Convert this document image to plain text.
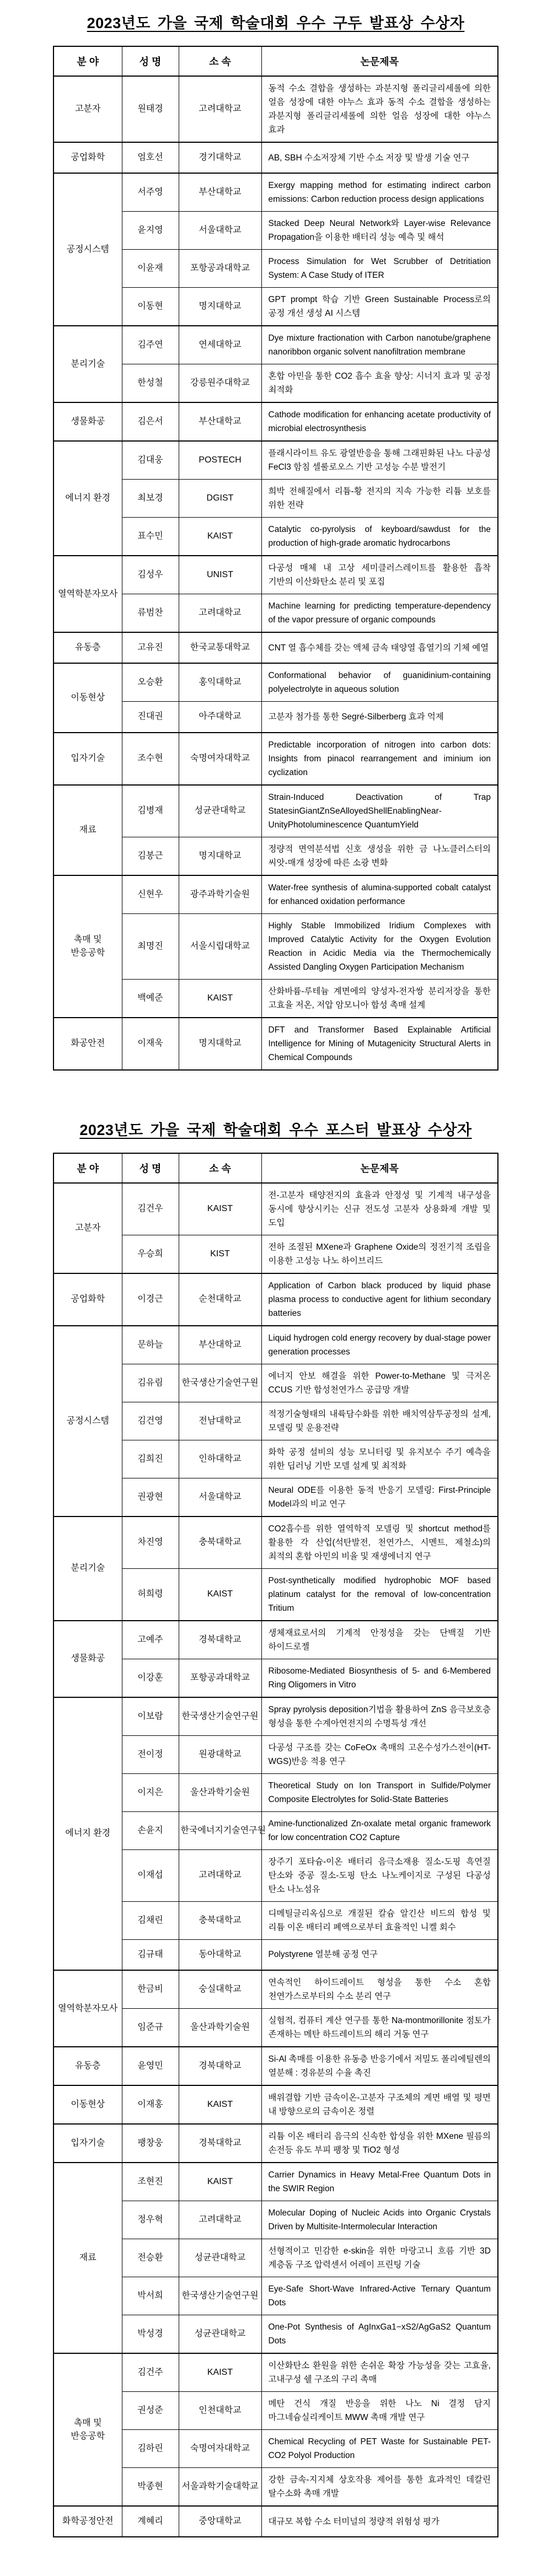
2023년도 가을 국제 학술대회 우수 구두 발표상 수상자
분 야	성 명	소 속	논문제목
고분자	원태경	고려대학교	동적 수소 결합을 생성하는 과분지형 폴리글리세롤에 의한 얼음 성장에 대한 야누스 효과 동적 수소 결합을 생성하는 과분지형 폴리글리세롤에 의한 얼음 성장에 대한 야누스 효과
공업화학	엄호선	경기대학교	AB, SBH 수소저장체 기반 수소 저장 및 발생 기술 연구
공정시스템	서주영	부산대학교	Exergy mapping method for estimating indirect carbon emissions: Carbon reduction process design applications
	윤지영	서울대학교	Stacked Deep Neural Network와 Layer-wise Relevance Propagation을 이용한 배터리 성능 예측 및 해석
	이윤재	포항공과대학교	Process Simulation for Wet Scrubber of Detritiation System: A Case Study of ITER
	이동현	명지대학교	GPT prompt 학습 기반 Green Sustainable Process로의 공정 개선 생성 AI 시스템
분리기술	김주연	연세대학교	Dye mixture fractionation with Carbon nanotube/graphene nanoribbon organic solvent nanofiltration membrane
	한성철	강릉원주대학교	혼합 아민을 통한 CO2 흡수 효율 향상: 시너지 효과 및 공정 최적화
생물화공	김은서	부산대학교	Cathode modification for enhancing acetate productivity of microbial electrosynthesis
에너지 환경	김대웅	POSTECH	플래시라이트 유도 광열반응을 통해 그래핀화된 나노 다공성 FeCl3 함침 셀룰로오스 기반 고성능 수분 발전기
	최보경	DGIST	희박 전해질에서 리튬-황 전지의 지속 가능한 리튬 보호를 위한 전략
	표수민	KAIST	Catalytic co-pyrolysis of keyboard/sawdust for the production of high-grade aromatic hydrocarbons
열역학분자모사	김성우	UNIST	다공성 매체 내 고상 세미클러스레이트를 활용한 흡착 기반의 이산화탄소 분리 및 포집
	류범찬	고려대학교	Machine learning for predicting temperature-dependency of the vapor pressure of organic compounds
유동층	고유진	한국교통대학교	CNT 열 흡수체를 갖는 액체 금속 태양열 흡열기의 기체 예열
이동현상	오승환	홍익대학교	Conformational behavior of guanidinium-containing polyelectrolyte in aqueous solution
	진대권	아주대학교	고분자 첨가를 통한 Segré-Silberberg 효과 억제
입자기술	조수현	숙명여자대학교	Predictable incorporation of nitrogen into carbon dots: Insights from pinacol rearrangement and iminium ion cyclization
재료	김병재	성균관대학교	Strain-Induced Deactivation of Trap StatesinGiantZnSeAlloyedShellEnablingNear-UnityPhotoluminescence QuantumYield
	김봉근	명지대학교	정량적 면역분석법 신호 생성을 위한 금 나노클러스터의 씨앗-매개 성장에 따른 소광 변화
촉매 및 반응공학	신현우	광주과학기술원	Water-free synthesis of alumina-supported cobalt catalyst for enhanced oxidation performance
	최명진	서울시립대학교	Highly Stable Immobilized Iridium Complexes with Improved Catalytic Activity for the Oxygen Evolution Reaction in Acidic Media via the Thermochemically Assisted Dangling Oxygen Participation Mechanism
	백예준	KAIST	산화바륨-루테늄 계면에의 양성자-전자쌍 분리저장을 통한 고효율 저온, 저압 암모니아 합성 촉매 설계
화공안전	이재욱	명지대학교	DFT and Transformer Based Explainable Artificial Intelligence for Mining of Mutagenicity Structural Alerts in Chemical Compounds
2023년도 가을 국제 학술대회 우수 포스터 발표상 수상자
분 야	성 명	소 속	논문제목
고분자	김건우	KAIST	전-고분자 태양전지의 효율과 안정성 및 기계적 내구성을 동시에 향상시키는 신규 전도성 고분자 상용화제 개발 및 도입
	우승희	KIST	전하 조절된 MXene과 Graphene Oxide의 정전기적 조립을 이용한 고성능 나노 하이브리드
공업화학	이경근	순천대학교	Application of Carbon black produced by liquid phase plasma process to conductive agent for lithium secondary batteries
공정시스템	문하늘	부산대학교	Liquid hydrogen cold energy recovery by dual-stage power generation processes
	김유림	한국생산기술연구원	에너지 안보 해결을 위한 Power-to-Methane 및 극저온 CCUS 기반 합성천연가스 공급망 개발
	김건영	전남대학교	적정기술형태의 내륙담수화를 위한 배치역삼투공정의 설계, 모델링 및 운용전략
	김희진	인하대학교	화학 공정 설비의 성능 모니터링 및 유지보수 주기 예측을 위한 딥러닝 기반 모델 설계 및 최적화
	권광현	서울대학교	Neural ODE를 이용한 동적 반응기 모델링: First-Principle Model과의 비교 연구
분리기술	차진영	충북대학교	CO2흡수를 위한 열역학적 모델링 및 shortcut method를 활용한 각 산업(석탄발전, 천연가스, 시멘트, 제철소)의 최적의 혼합 아민의 비율 및 재생에너지 연구
	허희령	KAIST	Post-synthetically modified hydrophobic MOF based platinum catalyst for the removal of low-concentration Tritium
생물화공	고예주	경북대학교	생체재료로서의 기계적 안정성을 갖는 단백질 기반 하이드로젤
	이강훈	포항공과대학교	Ribosome-Mediated Biosynthesis of 5- and 6-Membered Ring Oligomers in Vitro
에너지 환경	이보람	한국생산기술연구원	Spray pyrolysis deposition기법을 활용하여 ZnS 음극보호층 형성을 통한 수계아연전지의 수명특성 개선
	전이정	원광대학교	다공성 구조를 갖는 CoFeOx 촉매의 고온수성가스전이(HT-WGS)반응 적용 연구
	이지은	울산과학기술원	Theoretical Study on Ion Transport in Sulfide/Polymer Composite Electrolytes for Solid-State Batteries
	손윤지	한국에너지기술연구원	Amine-functionalized Zn-oxalate metal organic framework for low concentration CO2 Capture
	이재섭	고려대학교	장주기 포타슘-이온 배터리 음극소재용 질소-도핑 흑연질 탄소와 중공 질소-도핑 탄소 나노케이지로 구성된 다공성 탄소 나노섬유
	김채린	충북대학교	디메틸글리옥심으로 개질된 칼슘 알긴산 비드의 합성 및 리튬 이온 배터리 폐액으로부터 효율적인 니켈 회수
	김규태	동아대학교	Polystyrene 열분해 공정 연구
열역학분자모사	한금비	숭실대학교	연속적인 하이드레이트 형성을 통한 수소 혼합 천연가스로부터의 수소 분리 연구
	임준규	울산과학기술원	실험적, 컴퓨터 계산 연구를 통한 Na-montmorillonite 점토가 존재하는 메탄 하드레이트의 해리 거동 연구
유동층	윤영민	경북대학교	Si-Al 촉매를 이용한 유동층 반응기에서 저밀도 폴리에틸렌의 열분해 : 경유분의 수율 촉진
이동현상	이재홍	KAIST	배위결합 기반 금속이온-고분자 구조체의 계면 배열 및 평면 내 방향으로의 금속이온 정렬
입자기술	팽창웅	경북대학교	리튬 이온 배터리 음극의 신속한 합성을 위한 MXene 필름의 손전등 유도 부피 팽창 및 TiO2 형성
재료	조현진	KAIST	Carrier Dynamics in Heavy Metal-Free Quantum Dots in the SWIR Region
	정우혁	고려대학교	Molecular Doping of Nucleic Acids into Organic Crystals Driven by Multisite-Intermolecular Interaction
	전승환	성균관대학교	선형적이고 민감한 e-skin을 위한 마랑고니 흐름 기반 3D 계층돔 구조 압력센서 어레이 프린팅 기술
	박서희	한국생산기술연구원	Eye-Safe Short-Wave Infrared-Active Ternary Quantum Dots
	박성경	성균관대학교	One-Pot Synthesis of AgInxGa1−xS2/AgGaS2 Quantum Dots
촉매 및 반응공학	김건주	KAIST	이산화탄소 환원을 위한 손쉬운 확장 가능성을 갖는 고효율, 고내구성 쉘 구조의 구리 촉매
	권성준	인천대학교	메탄 건식 개질 반응을 위한 나노 Ni 결정 담지 마그네슘실리케이트 MWW 촉매 개발 연구
	김하린	숙명여자대학교	Chemical Recycling of PET Waste for Sustainable PET-CO2 Polyol Production
	박종현	서울과학기술대학교	강한 금속-지지체 상호작용 제어를 통한 효과적인 데칼린 탈수소화 촉매 개발
화학공정안전	계혜리	중앙대학교	대규모 복합 수소 터미널의 정량적 위험성 평가
